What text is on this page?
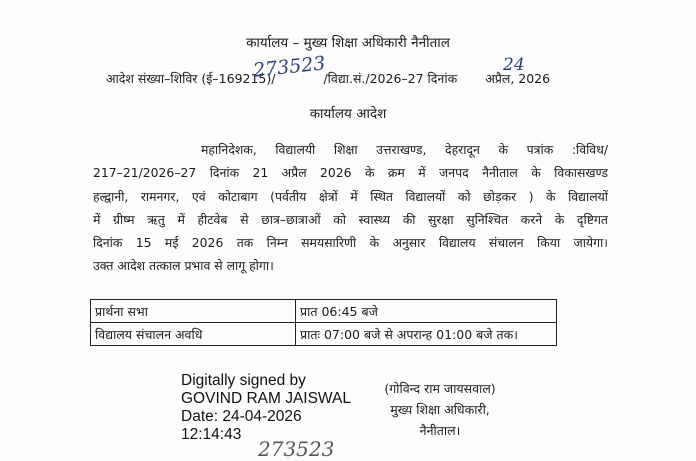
कार्यालय – मुख्य शिक्षा अधिकारी नैनीताल
आदेश संख्या–शिविर (ई–169215)/	/विद्या.सं./2026–27 दिनांक अप्रैल, 2026
273523	24
कार्यालय आदेश
महानिदेशक, विद्यालयी शिक्षा उत्तराखण्ड, देहरादून के पत्रांक :विविध/
217–21/2026–27 दिनांक 21 अप्रैल 2026 के क्रम में जनपद नैनीताल के विकासखण्ड
हल्द्वानी, रामनगर, एवं कोटाबाग (पर्वतीय क्षेत्रों में स्थित विद्यालयों को छोड़कर ) के विद्यालयों
में ग्रीष्म ऋतु में हीटवेब से छात्र–छात्राओं को स्वास्थ्य की सुरक्षा सुनिश्चित करने के दृष्टिगत
दिनांक 15 मई 2026 तक निम्न समयसारिणी के अनुसार विद्यालय संचालन किया जायेगा।
उक्त आदेश तत्काल प्रभाव से लागू होगा।
प्रार्थना सभा	प्रात 06:45 बजे
विद्यालय संचालन अवधि	प्रातः 07:00 बजे से अपरान्ह 01:00 बजे तक।
Digitally signed by
GOVIND RAM JAISWAL
Date: 24-04-2026
12:14:43
(गोविन्द राम जायसवाल)
मुख्य शिक्षा अधिकारी,
नैनीताल।
273523
